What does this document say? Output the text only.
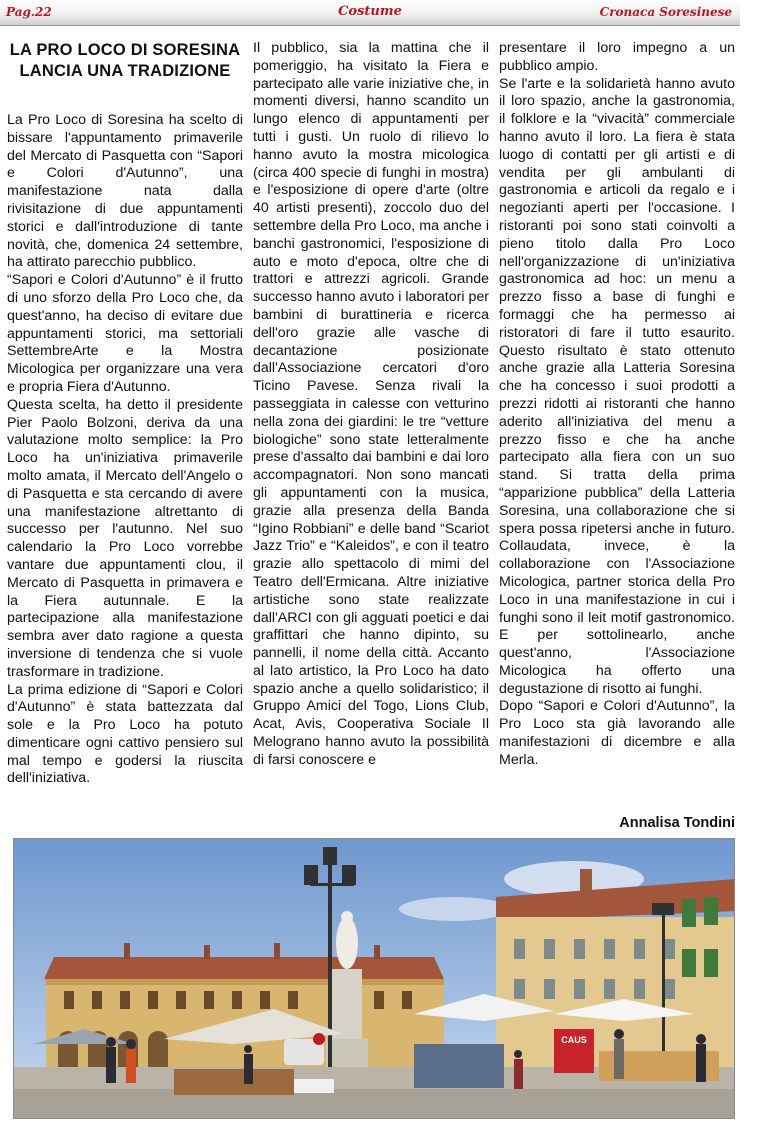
Pag.22	Costume	Cronaca Soresinese
LA PRO LOCO DI SORESINA
LANCIA UNA TRADIZIONE

La Pro Loco di Soresina ha scelto di bissare l'appuntamento primaverile del Mercato di Pasquetta con “Sapori e Colori d'Autunno”, una manifestazione nata dalla rivisitazione di due appuntamenti storici e dall'introduzione di tante novità, che, domenica 24 settembre, ha attirato parecchio pubblico.

“Sapori e Colori d'Autunno” è il frutto di uno sforzo della Pro Loco che, da quest'anno, ha deciso di evitare due appuntamenti storici, ma settoriali SettembreArte e la Mostra Micologica per organizzare una vera e propria Fiera d'Autunno.

Questa scelta, ha detto il presidente Pier Paolo Bolzoni, deriva da una valutazione molto semplice: la Pro Loco ha un'iniziativa primaverile molto amata, il Mercato dell'Angelo o di Pasquetta e sta cercando di avere una manifestazione altrettanto di successo per l'autunno. Nel suo calendario la Pro Loco vorrebbe vantare due appuntamenti clou, il Mercato di Pasquetta in primavera e la Fiera autunnale. E la partecipazione alla manifestazione sembra aver dato ragione a questa inversione di tendenza che si vuole trasformare in tradizione.

La prima edizione di “Sapori e Colori d'Autunno” è stata battezzata dal sole e la Pro Loco ha potuto dimenticare ogni cattivo pensiero sul mal tempo e godersi la riuscita dell'iniziativa.

Il pubblico, sia la mattina che il pomeriggio, ha visitato la Fiera e partecipato alle varie iniziative che, in momenti diversi, hanno scandito un lungo elenco di appuntamenti per tutti i gusti. Un ruolo di rilievo lo hanno avuto la mostra micologica (circa 400 specie di funghi in mostra) e l'esposizione di opere d'arte (oltre 40 artisti presenti), zoccolo duo del settembre della Pro Loco, ma anche i banchi gastronomici, l'esposizione di auto e moto d'epoca, oltre che di trattori e attrezzi agricoli. Grande successo hanno avuto i laboratori per bambini di burattineria e ricerca dell'oro grazie alle vasche di decantazione posizionate dall'Associazione cercatori d'oro Ticino Pavese. Senza rivali la passeggiata in calesse con vetturino nella zona dei giardini: le tre “vetture biologiche” sono state letteralmente prese d'assalto dai bambini e dai loro accompagnatori. Non sono mancati gli appuntamenti con la musica, grazie alla presenza della Banda “Igino Robbiani” e delle band “Scariot Jazz Trio” e “Kaleidos”, e con il teatro grazie allo spettacolo di mimi del Teatro dell'Ermicana. Altre iniziative artistiche sono state realizzate dall'ARCI con gli agguati poetici e dai graffittari che hanno dipinto, su pannelli, il nome della città. Accanto al lato artistico, la Pro Loco ha dato spazio anche a quello solidaristico; il Gruppo Amici del Togo, Lions Club, Acat, Avis, Cooperativa Sociale Il Melograno hanno avuto la possibilità di farsi conoscere e

presentare il loro impegno a un pubblico ampio.

Se l'arte e la solidarietà hanno avuto il loro spazio, anche la gastronomia, il folklore e la “vivacità” commerciale hanno avuto il loro. La fiera è stata luogo di contatti per gli artisti e di vendita per gli ambulanti di gastronomia e articoli da regalo e i negozianti aperti per l'occasione. I ristoranti poi sono stati coinvolti a pieno titolo dalla Pro Loco nell'organizzazione di un'iniziativa gastronomica ad hoc: un menu a prezzo fisso a base di funghi e formaggi che ha permesso ai ristoratori di fare il tutto esaurito. Questo risultato è stato ottenuto anche grazie alla Latteria Soresina che ha concesso i suoi prodotti a prezzi ridotti ai ristoranti che hanno aderito all'iniziativa del menu a prezzo fisso e che ha anche partecipato alla fiera con un suo stand. Si tratta della prima “apparizione pubblica” della Latteria Soresina, una collaborazione che si spera possa ripetersi anche in futuro. Collaudata, invece, è la collaborazione con l'Associazione Micologica, partner storica della Pro Loco in una manifestazione in cui i funghi sono il leit motif gastronomico. E per sottolinearlo, anche quest'anno, l'Associazione Micologica ha offerto una degustazione di risotto ai funghi.

Dopo “Sapori e Colori d'Autunno”, la Pro Loco sta già lavorando alle manifestazioni di dicembre e alla Merla.

Annalisa Tondini
CAUS
